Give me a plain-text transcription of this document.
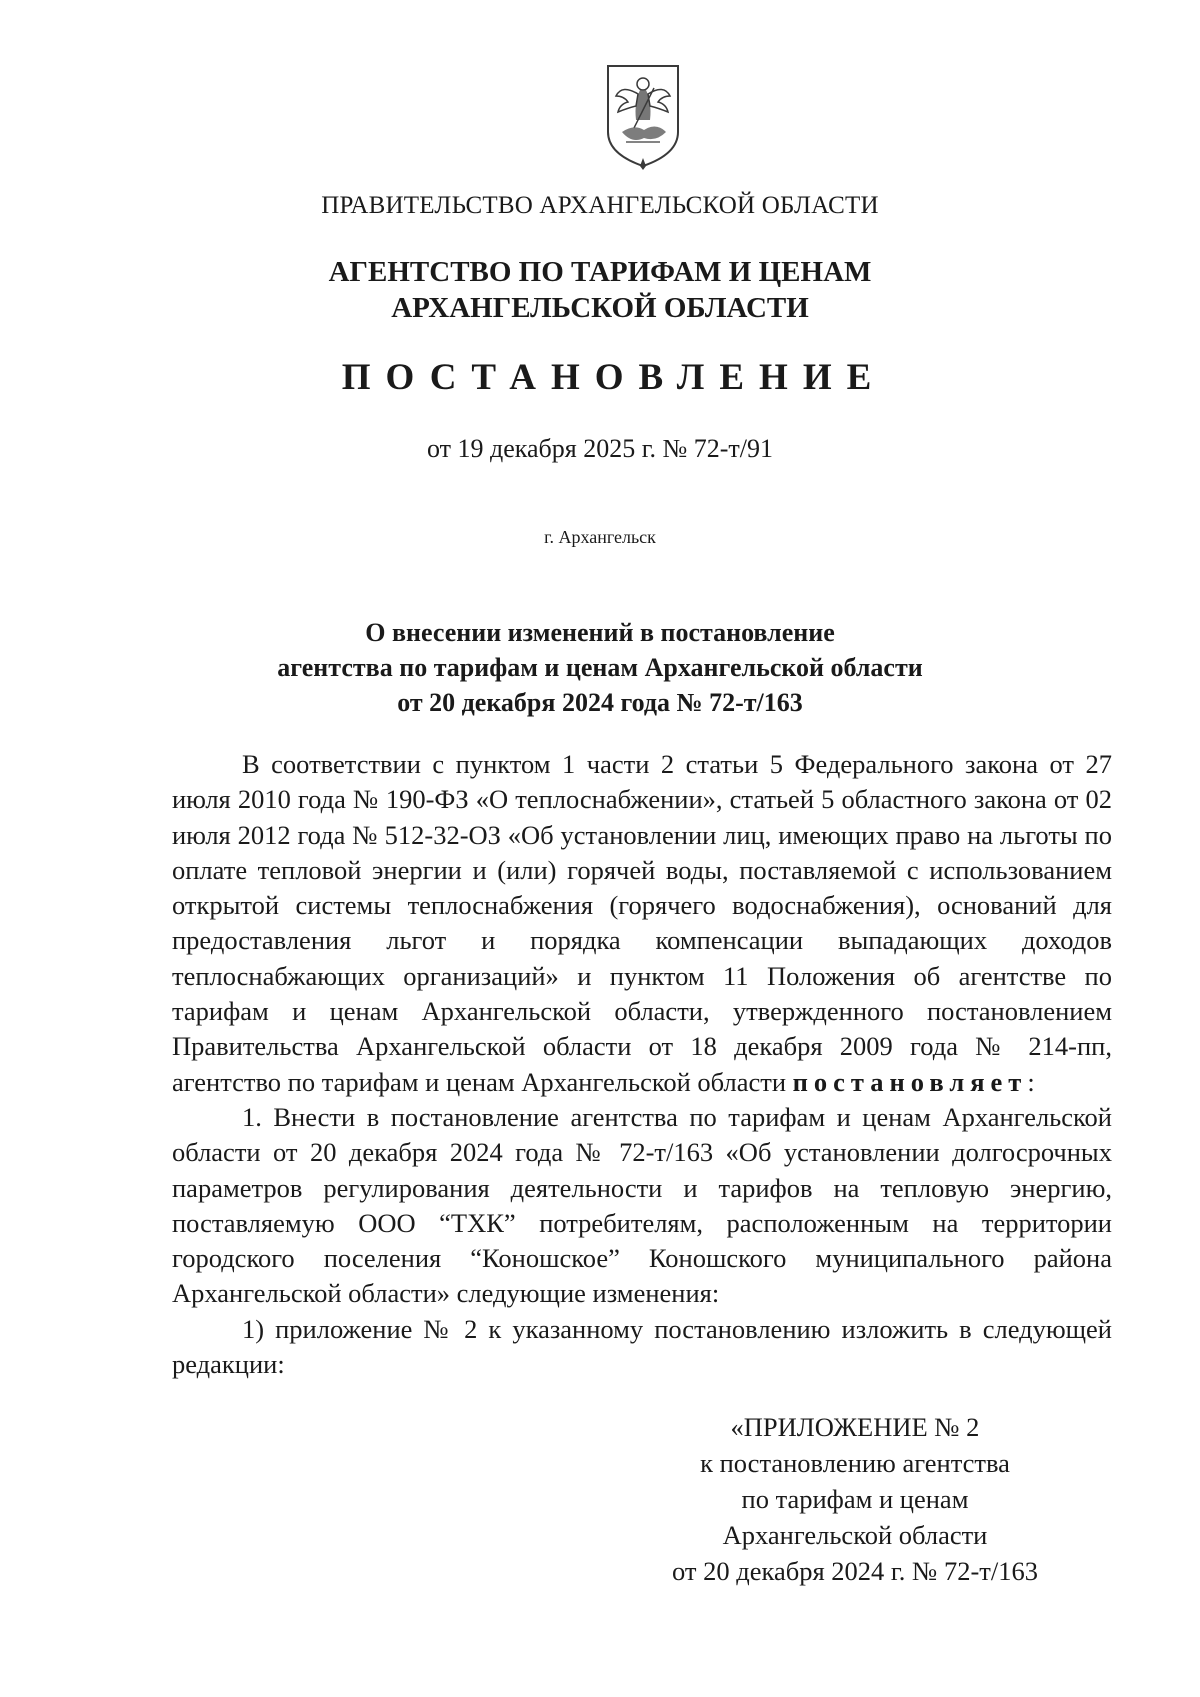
ПРАВИТЕЛЬСТВО АРХАНГЕЛЬСКОЙ ОБЛАСТИ
АГЕНТСТВО ПО ТАРИФАМ И ЦЕНАМ
АРХАНГЕЛЬСКОЙ ОБЛАСТИ
ПОСТАНОВЛЕНИЕ
от 19 декабря 2025 г. № 72-т/91
г. Архангельск
О внесении изменений в постановление
агентства по тарифам и ценам Архангельской области
от 20 декабря 2024 года № 72-т/163

В соответствии с пунктом 1 части 2 статьи 5 Федерального закона от 27 июля 2010 года № 190-ФЗ «О теплоснабжении», статьей 5 областного закона от 02 июля 2012 года № 512-32-ОЗ «Об установлении лиц, имеющих право на льготы по оплате тепловой энергии и (или) горячей воды, поставляемой с использованием открытой системы теплоснабжения (горячего водоснабжения), оснований для предоставления льгот и порядка компенсации выпадающих доходов теплоснабжающих организаций» и пунктом 11 Положения об агентстве по тарифам и ценам Архангельской области, утвержденного постановлением Правительства Архангельской области от 18 декабря 2009 года № 214-пп, агентство по тарифам и ценам Архангельской области постановляет:

1. Внести в постановление агентства по тарифам и ценам Архангельской области от 20 декабря 2024 года № 72-т/163 «Об установлении долгосрочных параметров регулирования деятельности и тарифов на тепловую энергию, поставляемую ООО “ТХК” потребителям, расположенным на территории городского поселения “Коношское” Коношского муниципального района Архангельской области» следующие изменения:

1) приложение № 2 к указанному постановлению изложить в следующей редакции:

«ПРИЛОЖЕНИЕ № 2
к постановлению агентства
по тарифам и ценам
Архангельской области
от 20 декабря 2024 г. № 72-т/163
